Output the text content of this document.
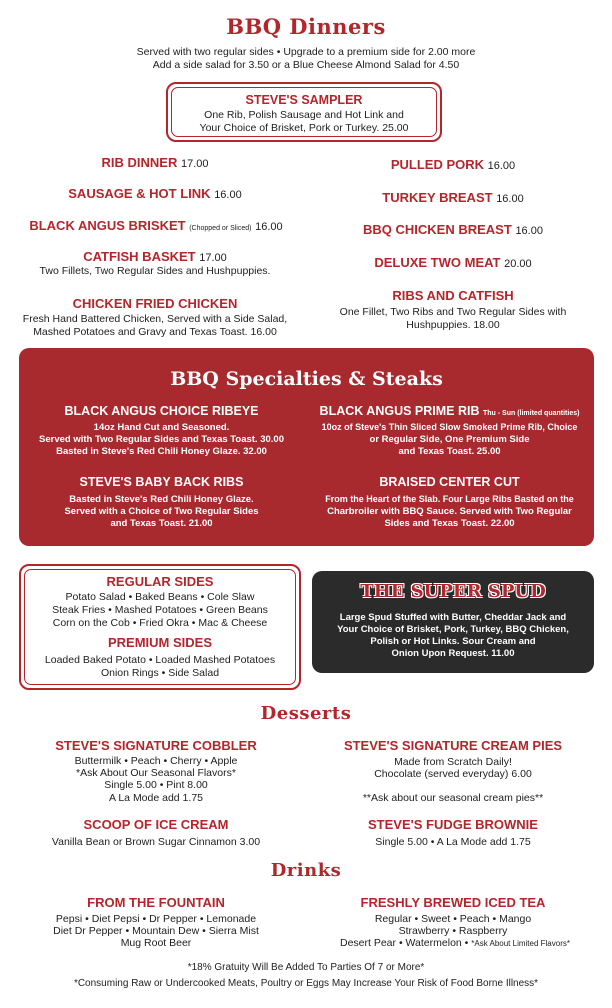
BBQ Dinners
Served with two regular sides • Upgrade to a premium side for 2.00 more
Add a side salad for 3.50 or a Blue Cheese Almond Salad for 4.50
STEVE'S SAMPLER
One Rib, Polish Sausage and Hot Link and
Your Choice of Brisket, Pork or Turkey. 25.00
RIB DINNER 17.00
SAUSAGE & HOT LINK 16.00
BLACK ANGUS BRISKET (Chopped or Sliced) 16.00
CATFISH BASKET 17.00
Two Fillets, Two Regular Sides and Hushpuppies.
CHICKEN FRIED CHICKEN
Fresh Hand Battered Chicken, Served with a Side Salad,
Mashed Potatoes and Gravy and Texas Toast. 16.00
PULLED PORK 16.00
TURKEY BREAST 16.00
BBQ CHICKEN BREAST 16.00
DELUXE TWO MEAT 20.00
RIBS AND CATFISH
One Fillet, Two Ribs and Two Regular Sides with
Hushpuppies. 18.00
BBQ Specialties & Steaks
BLACK ANGUS CHOICE RIBEYE
14oz Hand Cut and Seasoned.
Served with Two Regular Sides and Texas Toast. 30.00
Basted in Steve's Red Chili Honey Glaze. 32.00
BLACK ANGUS PRIME RIB Thu - Sun (limited quantities)
10oz of Steve's Thin Sliced Slow Smoked Prime Rib, Choice
or Regular Side, One Premium Side
and Texas Toast. 25.00
STEVE'S BABY BACK RIBS
Basted in Steve's Red Chili Honey Glaze.
Served with a Choice of Two Regular Sides
and Texas Toast. 21.00
BRAISED CENTER CUT
From the Heart of the Slab. Four Large Ribs Basted on the
Charbroiler with BBQ Sauce. Served with Two Regular
Sides and Texas Toast. 22.00
REGULAR SIDES
Potato Salad • Baked Beans • Cole Slaw
Steak Fries • Mashed Potatoes • Green Beans
Corn on the Cob • Fried Okra • Mac & Cheese
PREMIUM SIDES
Loaded Baked Potato • Loaded Mashed Potatoes
Onion Rings • Side Salad
THE SUPER SPUD
Large Spud Stuffed with Butter, Cheddar Jack and
Your Choice of Brisket, Pork, Turkey, BBQ Chicken,
Polish or Hot Links. Sour Cream and
Onion Upon Request. 11.00
Desserts
STEVE'S SIGNATURE COBBLER
Buttermilk • Peach • Cherry • Apple
*Ask About Our Seasonal Flavors*
Single 5.00 • Pint 8.00
A La Mode add 1.75
STEVE'S SIGNATURE CREAM PIES
Made from Scratch Daily!
Chocolate (served everyday) 6.00
**Ask about our seasonal cream pies**
SCOOP OF ICE CREAM
Vanilla Bean or Brown Sugar Cinnamon 3.00
STEVE'S FUDGE BROWNIE
Single 5.00 • A La Mode add 1.75
Drinks
FROM THE FOUNTAIN
Pepsi • Diet Pepsi • Dr Pepper • Lemonade
Diet Dr Pepper • Mountain Dew • Sierra Mist
Mug Root Beer
FRESHLY BREWED ICED TEA
Regular • Sweet • Peach • Mango
Strawberry • Raspberry
Desert Pear • Watermelon • *Ask About Limited Flavors*
*18% Gratuity Will Be Added To Parties Of 7 or More*
*Consuming Raw or Undercooked Meats, Poultry or Eggs May Increase Your Risk of Food Borne Illness*
